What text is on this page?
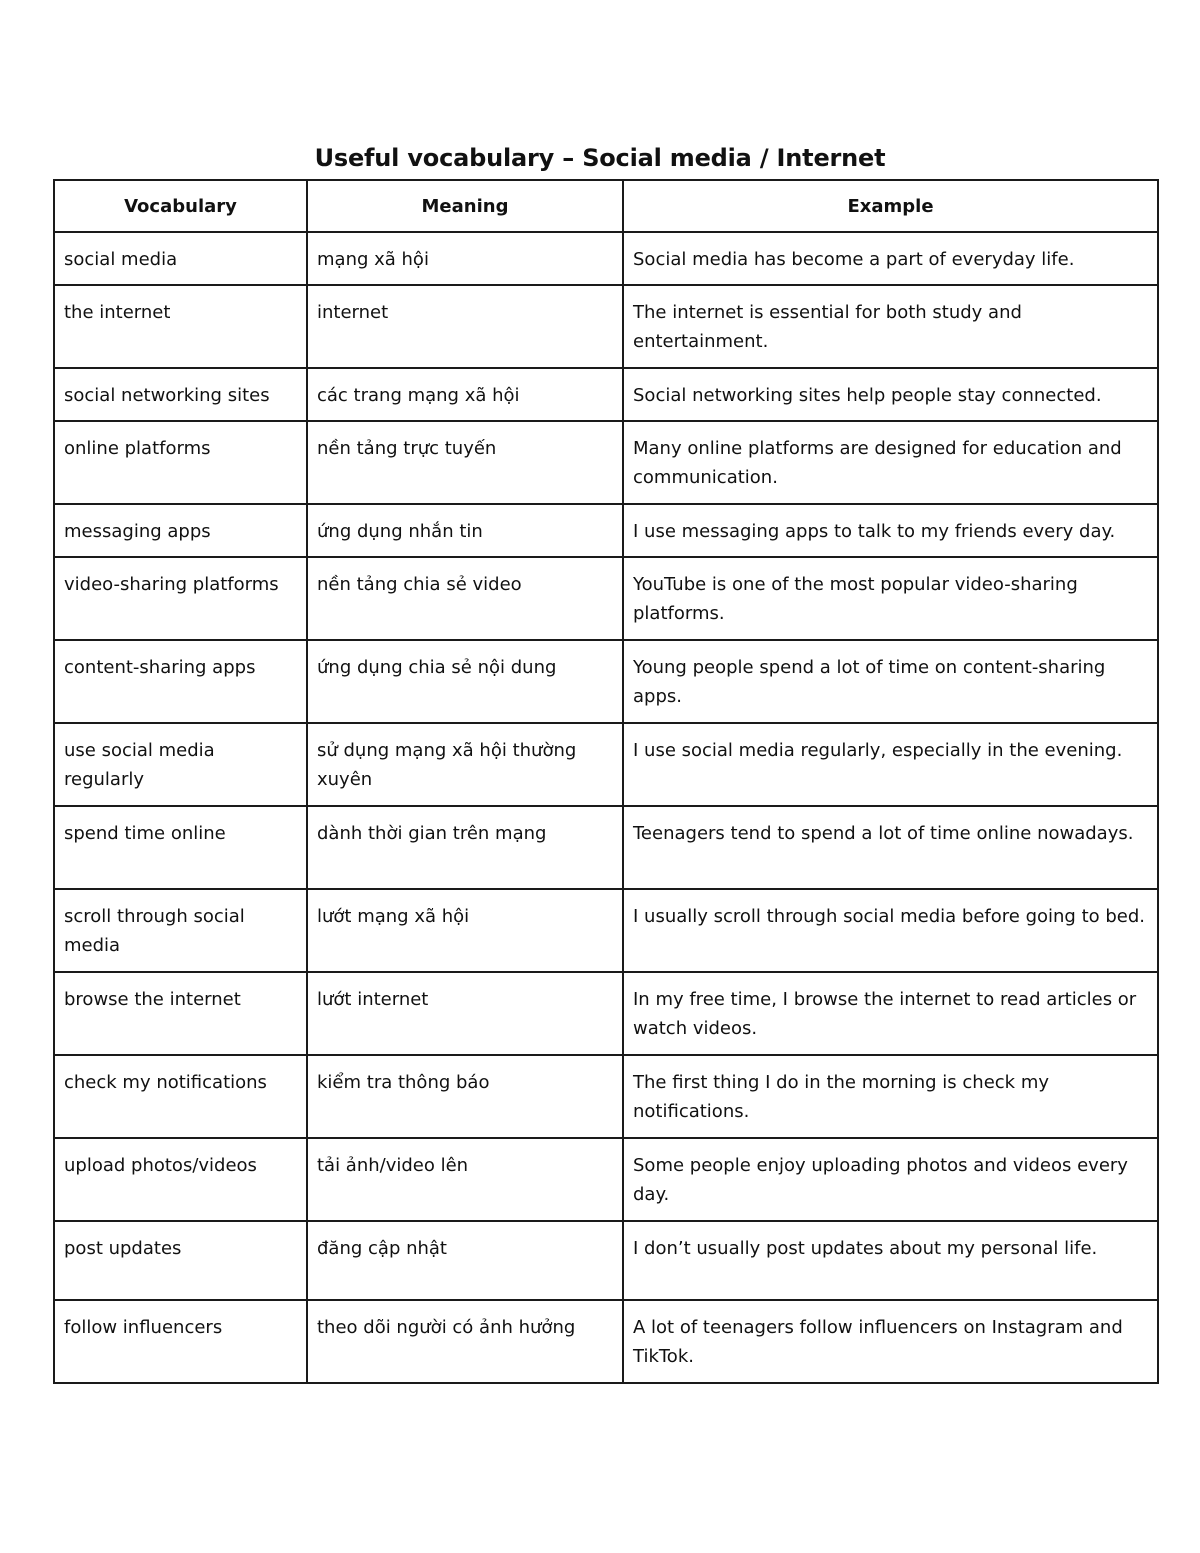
Useful vocabulary – Social media / Internet
Vocabulary	Meaning	Example
social media	mạng xã hội	Social media has become a part of everyday life.
the internet	internet	The internet is essential for both study and entertainment.
social networking sites	các trang mạng xã hội	Social networking sites help people stay connected.
online platforms	nền tảng trực tuyến	Many online platforms are designed for education and communication.
messaging apps	ứng dụng nhắn tin	I use messaging apps to talk to my friends every day.
video-sharing platforms	nền tảng chia sẻ video	YouTube is one of the most popular video-sharing platforms.
content-sharing apps	ứng dụng chia sẻ nội dung	Young people spend a lot of time on content-sharing apps.
use social media regularly	sử dụng mạng xã hội thường xuyên	I use social media regularly, especially in the evening.
spend time online	dành thời gian trên mạng	Teenagers tend to spend a lot of time online nowadays.
scroll through social media	lướt mạng xã hội	I usually scroll through social media before going to bed.
browse the internet	lướt internet	In my free time, I browse the internet to read articles or watch videos.
check my notifications	kiểm tra thông báo	The first thing I do in the morning is check my notifications.
upload photos/videos	tải ảnh/video lên	Some people enjoy uploading photos and videos every day.
post updates	đăng cập nhật	I don’t usually post updates about my personal life.
follow influencers	theo dõi người có ảnh hưởng	A lot of teenagers follow influencers on Instagram and TikTok.
